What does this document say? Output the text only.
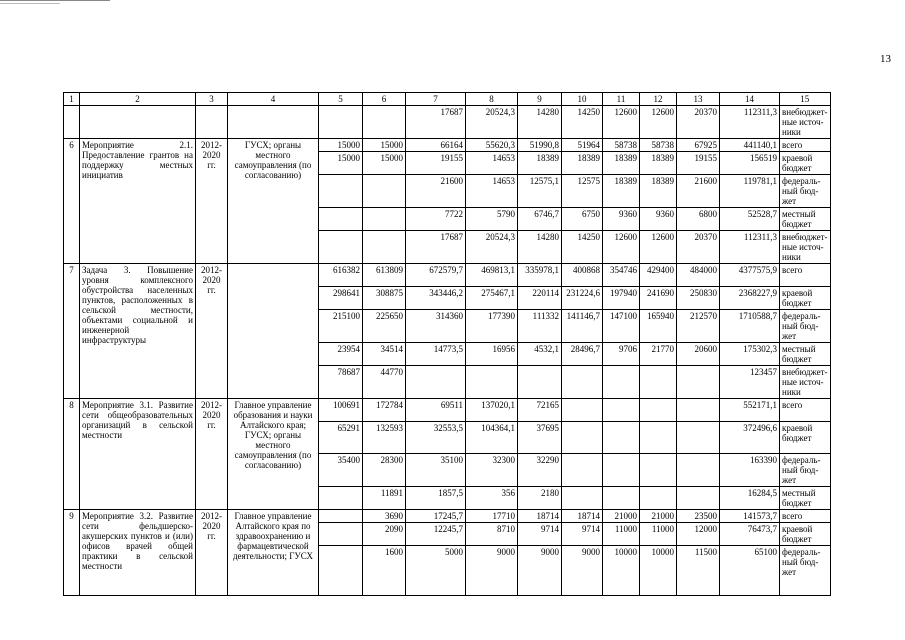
13
1	2	3	4	5	6	7	8	9	10	11	12	13	14	15
						17687	20524,3	14280	14250	12600	12600	20370	112311,3	внебюджет-ные источ-ники
6	Мероприятие 2.1. Предоставление грантов на поддержку местных инициатив	2012-2020 гг.	ГУСХ; органы местного самоуправления (по согласованию)	15000	15000	66164	55620,3	51990,8	51964	58738	58738	67925	441140,1	всего
				15000	15000	19155	14653	18389	18389	18389	18389	19155	156519	краевой бюджет
						21600	14653	12575,1	12575	18389	18389	21600	119781,1	федераль-ный бюд-жет
						7722	5790	6746,7	6750	9360	9360	6800	52528,7	местный бюджет
						17687	20524,3	14280	14250	12600	12600	20370	112311,3	внебюджет-ные источ-ники
7	Задача 3. Повышение уровня комплексного обустройства населенных пунктов, расположенных в сельской местности, объектами социальной и инженерной инфраструктуры	2012-2020 гг.		616382	613809	672579,7	469813,1	335978,1	400868	354746	429400	484000	4377575,9	всего
				298641	308875	343446,2	275467,1	220114	231224,6	197940	241690	250830	2368227,9	краевой бюджет
				215100	225650	314360	177390	111332	141146,7	147100	165940	212570	1710588,7	федераль-ный бюд-жет
				23954	34514	14773,5	16956	4532,1	28496,7	9706	21770	20600	175302,3	местный бюджет
				78687	44770								123457	внебюджет-ные источ-ники
8	Мероприятие 3.1. Развитие сети общеобразовательных организаций в сельской местности	2012-2020 гг.	Главное управление образования и науки Алтайского края; ГУСХ; органы местного самоуправления (по согласованию)	100691	172784	69511	137020,1	72165					552171,1	всего
				65291	132593	32553,5	104364,1	37695					372496,6	краевой бюджет
				35400	28300	35100	32300	32290					163390	федераль-ный бюд-жет
					11891	1857,5	356	2180					16284,5	местный бюджет
9	Мероприятие 3.2. Развитие сети фельдшерско-акушерских пунктов и (или) офисов врачей общей практики в сельской местности	2012-2020 гг.	Главное управление Алтайского края по здравоохранению и фармацевтической деятельности; ГУСХ		3690	17245,7	17710	18714	18714	21000	21000	23500	141573,7	всего
					2090	12245,7	8710	9714	9714	11000	11000	12000	76473,7	краевой бюджет
					1600	5000	9000	9000	9000	10000	10000	11500	65100	федераль-ный бюд-жет
